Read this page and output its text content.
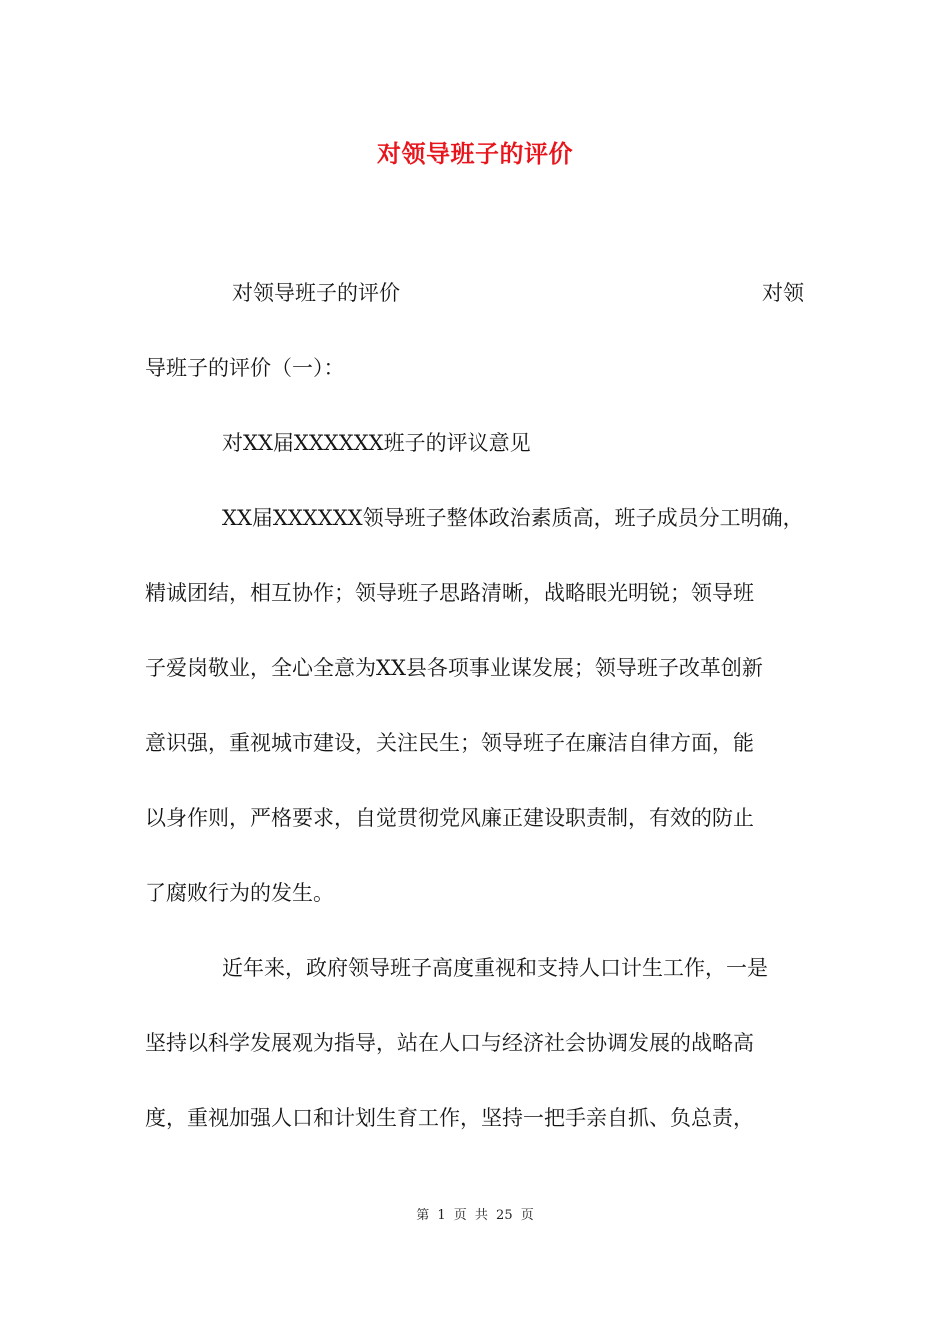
对领导班子的评价
对领导班子的评价	对领
导班子的评价（一）：
对XX届XXXXXX班子的评议意见
XX届XXXXXX领导班子整体政治素质高，班子成员分工明确，
精诚团结，相互协作；领导班子思路清晰，战略眼光明锐；领导班
子爱岗敬业，全心全意为XX县各项事业谋发展；领导班子改革创新
意识强，重视城市建设，关注民生；领导班子在廉洁自律方面，能
以身作则，严格要求，自觉贯彻党风廉正建设职责制，有效的防止
了腐败行为的发生。
近年来，政府领导班子高度重视和支持人口计生工作，一是
坚持以科学发展观为指导，站在人口与经济社会协调发展的战略高
度，重视加强人口和计划生育工作，坚持一把手亲自抓、负总责，
第 1 页 共 25 页
